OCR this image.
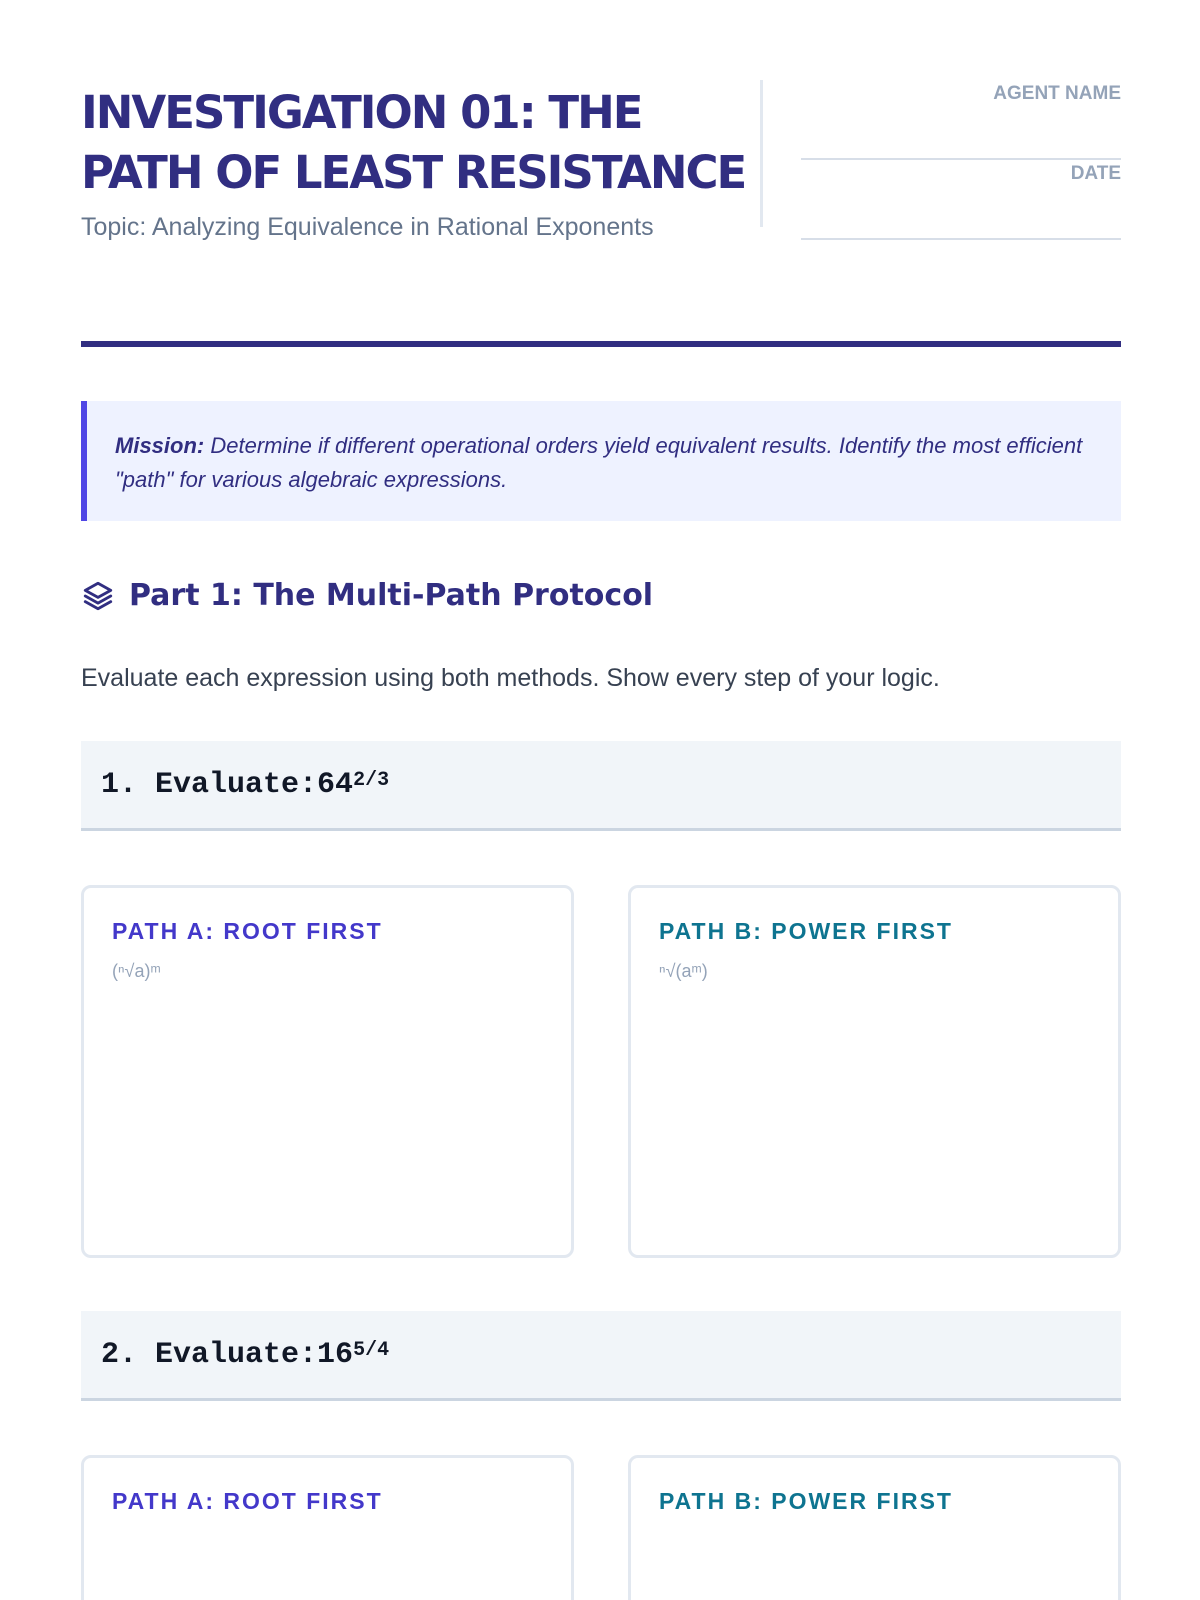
INVESTIGATION 01: THE PATH OF LEAST RESISTANCE
Topic: Analyzing Equivalence in Rational Exponents
AGENT NAME
DATE
Mission: Determine if different operational orders yield equivalent results. Identify the most efficient "path" for various algebraic expressions.
Part 1: The Multi-Path Protocol

Evaluate each expression using both methods. Show every step of your logic.

1. Evaluate: $64^{2/3}$
PATH A: ROOT FIRST
(ⁿ√a)ᵐ
PATH B: POWER FIRST
ⁿ√(aᵐ)
2. Evaluate: $16^{5/4}$
PATH A: ROOT FIRST	PATH B: POWER FIRST
